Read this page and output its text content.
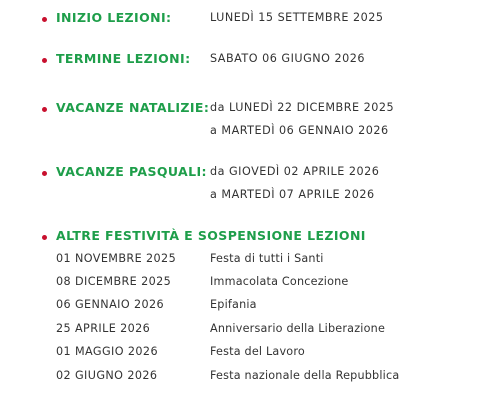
INIZIO LEZIONI:	LUNEDÌ 15 SETTEMBRE 2025
TERMINE LEZIONI: SABATO 06 GIUGNO 2026
VACANZE NATALIZIE: da LUNEDÌ 22 DICEMBRE 2025
a MARTEDÌ 06 GENNAIO 2026
VACANZE PASQUALI: da GIOVEDÌ 02 APRILE 2026
a MARTEDÌ 07 APRILE 2026
ALTRE FESTIVITÀ E SOSPENSIONE LEZIONI
01 NOVEMBRE 2025	Festa di tutti i Santi
08 DICEMBRE 2025	Immacolata Concezione
06 GENNAIO 2026	Epifania
25 APRILE 2026	Anniversario della Liberazione
01 MAGGIO 2026	Festa del Lavoro
02 GIUGNO 2026	Festa nazionale della Repubblica
